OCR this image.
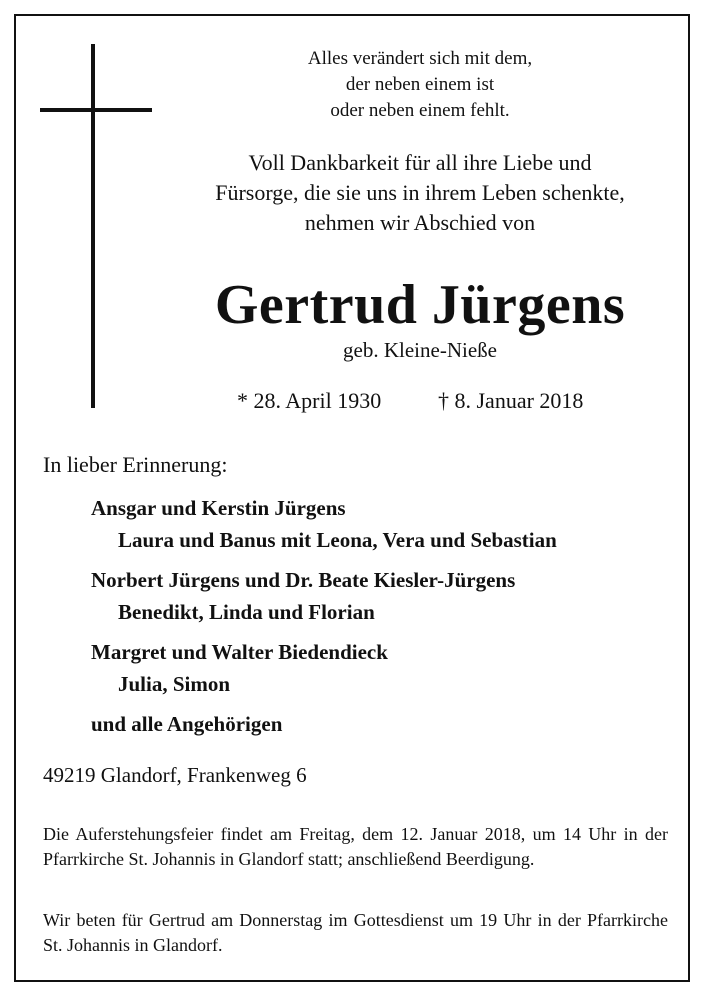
Alles verändert sich mit dem,
der neben einem ist
oder neben einem fehlt.
Voll Dankbarkeit für all ihre Liebe und
Fürsorge, die sie uns in ihrem Leben schenkte,
nehmen wir Abschied von
Gertrud Jürgens
geb. Kleine-Nieße
* 28. April 1930	† 8. Januar 2018
In lieber Erinnerung:
Ansgar und Kerstin Jürgens
Laura und Banus mit Leona, Vera und Sebastian
Norbert Jürgens und Dr. Beate Kiesler-Jürgens
Benedikt, Linda und Florian
Margret und Walter Biedendieck
Julia, Simon
und alle Angehörigen
49219 Glandorf, Frankenweg 6
Die Auferstehungsfeier findet am Freitag, dem 12. Januar 2018, um 14 Uhr in der Pfarrkirche St. Johannis in Glandorf statt; anschließend Beerdigung.
Wir beten für Gertrud am Donnerstag im Gottesdienst um 19 Uhr in der Pfarrkirche St. Johannis in Glandorf.
